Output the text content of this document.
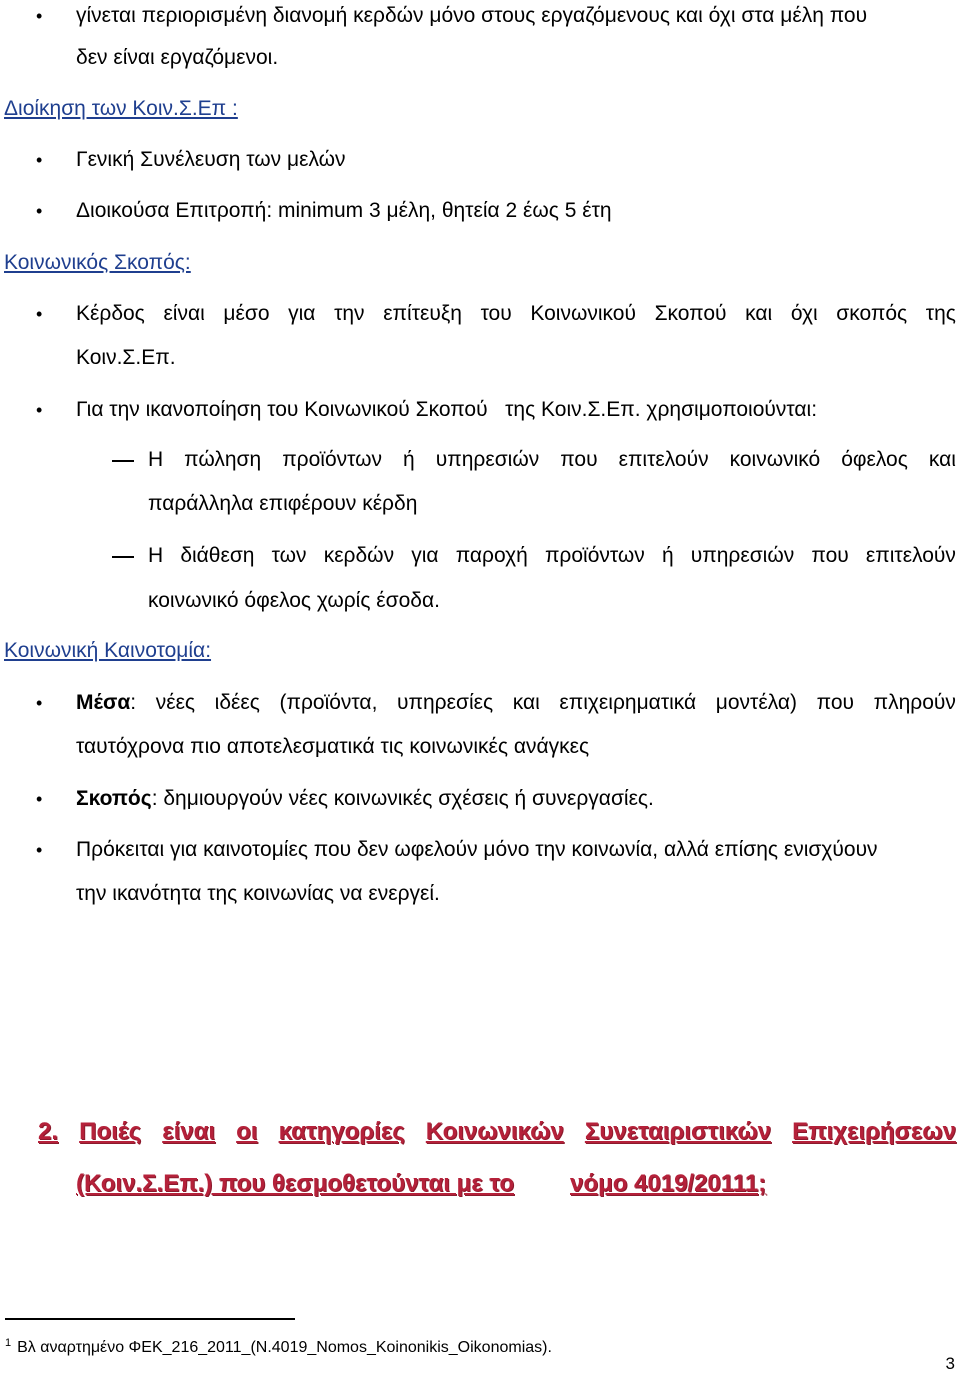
• γίνεται περιορισμένη διανομή κερδών μόνο στους εργαζόμενους και όχι στα μέλη που
δεν είναι εργαζόμενοι.
Διοίκηση των Κοιν.Σ.Επ :
• Γενική Συνέλευση των μελών
• Διοικούσα Επιτροπή: minimum 3 μέλη, θητεία 2 έως 5 έτη
Κοινωνικός Σκοπός:
• Κέρδος είναι μέσο για την επίτευξη του Κοινωνικού Σκοπού και όχι σκοπός της
Κοιν.Σ.Επ.
• Για την ικανοποίηση του Κοινωνικού Σκοπού   της Κοιν.Σ.Επ. χρησιμοποιούνται:
Η πώληση προϊόντων ή υπηρεσιών που επιτελούν κοινωνικό όφελος και
παράλληλα επιφέρουν κέρδη
Η διάθεση των κερδών για παροχή προϊόντων ή υπηρεσιών που επιτελούν
κοινωνικό όφελος χωρίς έσοδα.
Κοινωνική Καινοτομία:
• Μέσα: νέες ιδέες (προϊόντα, υπηρεσίες και επιχειρηματικά μοντέλα) που πληρούν
ταυτόχρονα πιο αποτελεσματικά τις κοινωνικές ανάγκες
• Σκοπός: δημιουργούν νέες κοινωνικές σχέσεις ή συνεργασίες.
• Πρόκειται για καινοτομίες που δεν ωφελούν μόνο την κοινωνία, αλλά επίσης ενισχύουν
την ικανότητα της κοινωνίας να ενεργεί.
2. Ποιές είναι οι κατηγορίες Κοινωνικών Συνεταιριστικών Επιχειρήσεων
(Κοιν.Σ.Επ.) που θεσμοθετούνται με το νόμο 4019/20111;
$^1$ Βλ αναρτημένο ΦΕΚ_216_2011_(Ν.4019_Nomos_Koinonikis_Oikonomias).
3
